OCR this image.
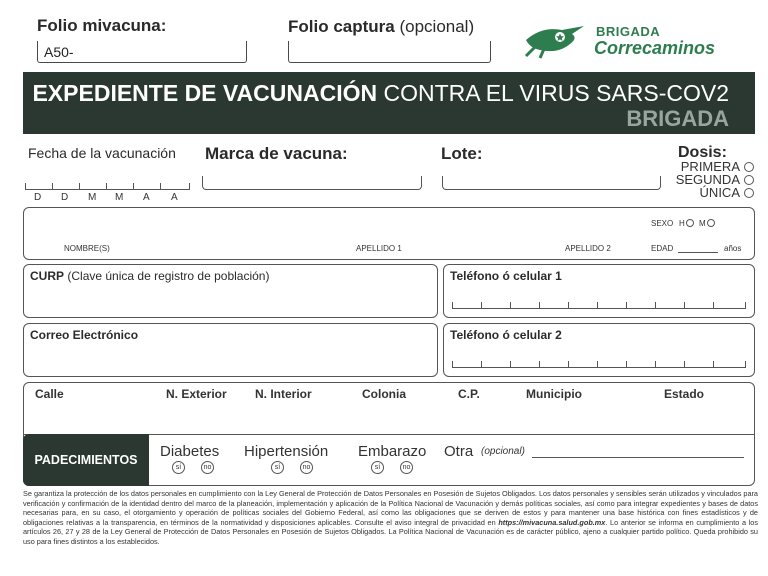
Folio mivacuna:
A50-
Folio captura (opcional)	BRIGADA
Correcaminos
EXPEDIENTE DE VACUNACIÓN CONTRA EL VIRUS SARS-COV2
BRIGADA
Fecha de la vacunación
D D M M A A
Marca de vacuna:	Lote:	Dosis:
PRIMERA
SEGUNDA
ÚNICA
NOMBRE(S)	APELLIDO 1	APELLIDO 2
SEXO H M
EDAD	años
CURP (Clave única de registro de población)	Teléfono ó celular 1
Correo Electrónico	Teléfono ó celular 2
Calle	N. Exterior N. Interior	Colonia	C.P.	Municipio	Estado
PADECIMIENTOS	Diabetes
sí	no
Hipertensión
sí	no
Embarazo
sí	no
Otra (opcional)
Se garantiza la protección de los datos personales en cumplimiento con la Ley General de Protección de Datos Personales en Posesión de Sujetos Obligados. Los datos personales y sensibles serán utilizados y vinculados para verificación y confirmación de la identidad dentro del marco de la planeación, implementación y aplicación de la Política Nacional de Vacunación y demás políticas sociales, así como para integrar expedientes y bases de datos necesarias para, en su caso, el otorgamiento y operación de políticas sociales del Gobierno Federal, así como las obligaciones que se deriven de estos y para mantener una base histórica con fines estadísticos y de obligaciones relativas a la transparencia, en términos de la normatividad y disposiciones aplicables. Consulte el aviso integral de privacidad en https://mivacuna.salud.gob.mx. Lo anterior se informa en cumplimiento a los artículos 26, 27 y 28 de la Ley General de Protección de Datos Personales en Posesión de Sujetos Obligados. La Política Nacional de Vacunación es de carácter público, ajeno a cualquier partido político. Queda prohibido su uso para fines distintos a los establecidos.
